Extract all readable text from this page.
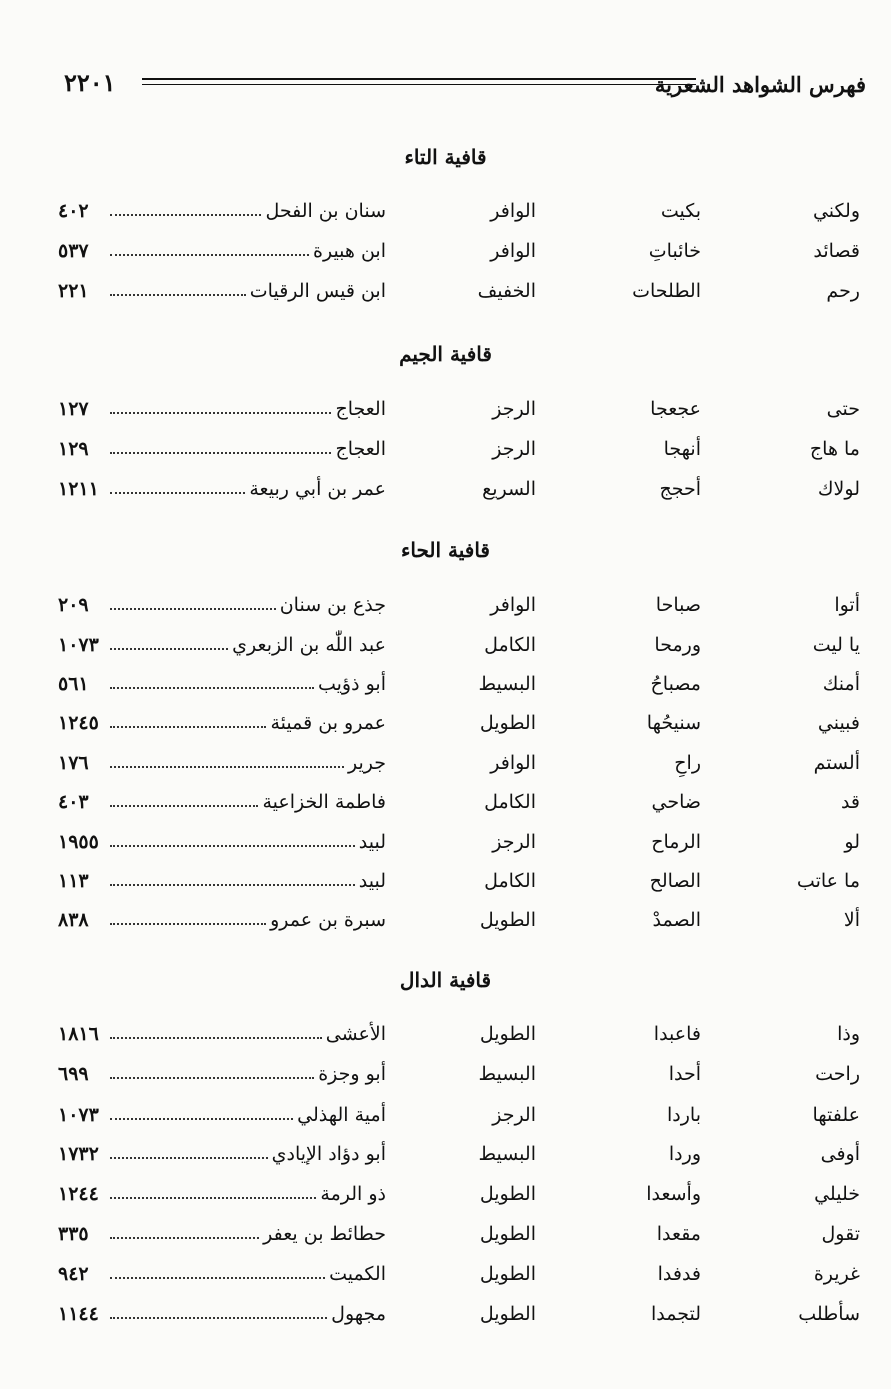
فهرس الشواهد الشعرية
٢٢٠١
قافية التاء
ولكني
بكيت
الوافر
سنان بن الفحل
٤٠٢
قصائد
خائباتِ
الوافر
ابن هبيرة
٥٣٧
رحم
الطلحات
الخفيف
ابن قيس الرقيات
٢٢١
قافية الجيم
حتى
عجعجا
الرجز
العجاج
١٢٧
ما هاج
أنهجا
الرجز
العجاج
١٢٩
لولاك
أحجج
السريع
عمر بن أبي ربيعة
١٢١١
قافية الحاء
أتوا
صباحا
الوافر
جذع بن سنان
٢٠٩
يا ليت
ورمحا
الكامل
عبد اللّٰه بن الزبعري
١٠٧٣
أمنك
مصباحُ
البسيط
أبو ذؤيب
٥٦١
فبيني
سنيحُها
الطويل
عمرو بن قميئة
١٢٤٥
ألستم
راحِ
الوافر
جرير
١٧٦
قد
ضاحي
الكامل
فاطمة الخزاعية
٤٠٣
لو
الرماح
الرجز
لبيد
١٩٥٥
ما عاتب
الصالح
الكامل
لبيد
١١٣
ألا
الصمدْ
الطويل
سبرة بن عمرو
٨٣٨
قافية الدال
وذا
فاعبدا
الطويل
الأعشى
١٨١٦
راحت
أحدا
البسيط
أبو وجزة
٦٩٩
علفتها
باردا
الرجز
أمية الهذلي
١٠٧٣
أوفى
وردا
البسيط
أبو دؤاد الإيادي
١٧٣٢
خليلي
وأسعدا
الطويل
ذو الرمة
١٢٤٤
تقول
مقعدا
الطويل
حطائط بن يعفر
٣٣٥
غريرة
فدفدا
الطويل
الكميت
٩٤٢
سأطلب
لتجمدا
الطويل
مجهول
١١٤٤
